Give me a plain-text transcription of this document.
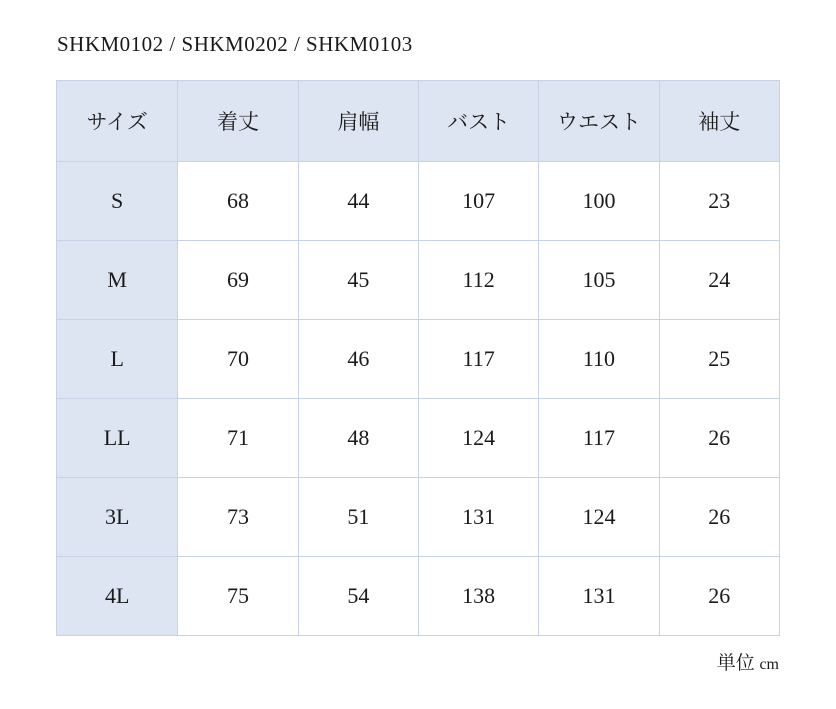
SHKM0102 / SHKM0202 / SHKM0103
サイズ	着丈	肩幅	バスト	ウエスト	袖丈
S	68	44	107	100	23
M	69	45	112	105	24
L	70	46	117	110	25
LL	71	48	124	117	26
3L	73	51	131	124	26
4L	75	54	138	131	26
単位 cm
